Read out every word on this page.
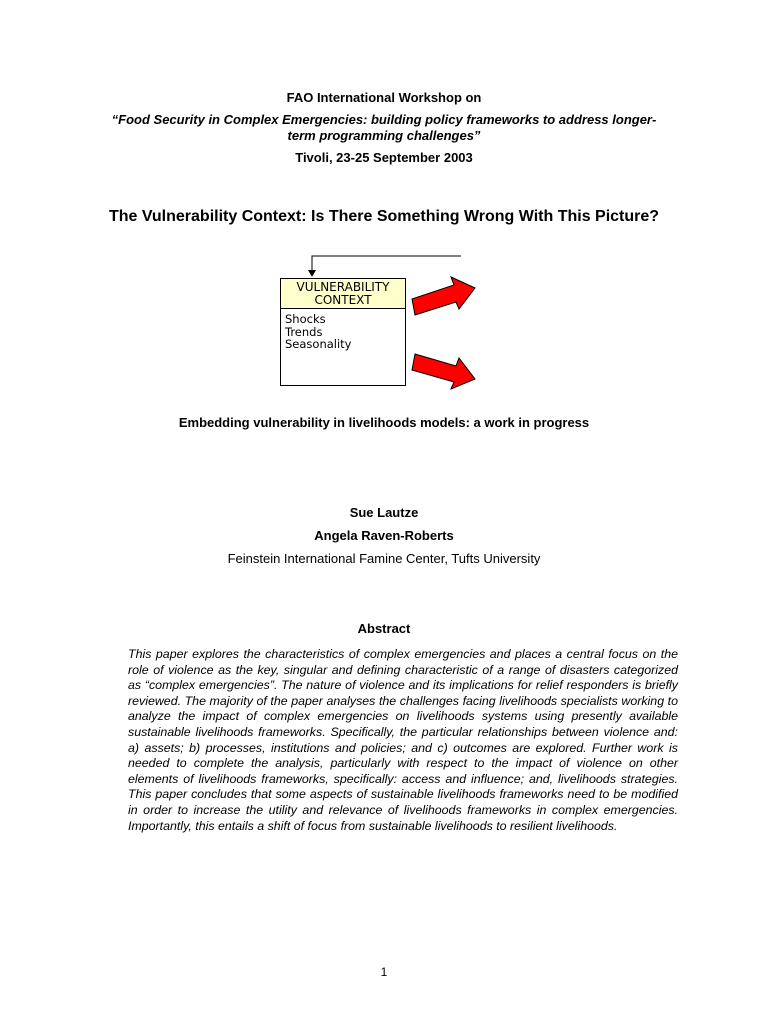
FAO International Workshop on
“Food Security in Complex Emergencies: building policy frameworks to address longer-term programming challenges”
Tivoli, 23-25 September 2003
The Vulnerability Context: Is There Something Wrong With This Picture?
VULNERABILITY
CONTEXT
Shocks
Trends
Seasonality
Embedding vulnerability in livelihoods models: a work in progress
Sue Lautze
Angela Raven-Roberts
Feinstein International Famine Center, Tufts University
Abstract
This paper explores the characteristics of complex emergencies and places a central focus on the role of violence as the key, singular and defining characteristic of a range of disasters categorized as “complex emergencies”. The nature of violence and its implications for relief responders is briefly reviewed. The majority of the paper analyses the challenges facing livelihoods specialists working to analyze the impact of complex emergencies on livelihoods systems using presently available sustainable livelihoods frameworks. Specifically, the particular relationships between violence and: a) assets; b) processes, institutions and policies; and c) outcomes are explored. Further work is needed to complete the analysis, particularly with respect to the impact of violence on other elements of livelihoods frameworks, specifically: access and influence; and, livelihoods strategies. This paper concludes that some aspects of sustainable livelihoods frameworks need to be modified in order to increase the utility and relevance of livelihoods frameworks in complex emergencies. Importantly, this entails a shift of focus from sustainable livelihoods to resilient livelihoods.
1
